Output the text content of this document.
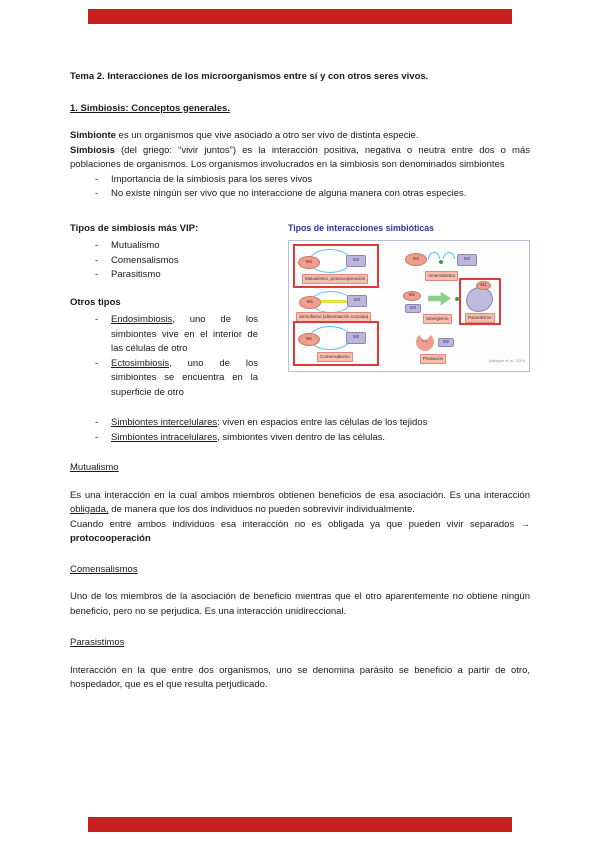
Tema 2. Interacciones de los microorganismos entre sí y con otros seres vivos.

1. Simbiosis: Conceptos generales.

Simbionte es un organismos que vive asociado a otro ser vivo de distinta especie.

Simbiosis (del griego: “vivir juntos”) es la interacción positiva, negativa o neutra entre dos o más poblaciones de organismos. Los organismos involucrados en la simbiosis son denominados simbiontes

-	Importancia de la simbiosis para los seres vivos
-	No existe ningún ser vivo que no interaccione de alguna manera con otras especies.

Tipos de simbiosis más VIP:

-	Mutualismo
-	Comensalismos
-	Parasitismo

Otros tipos

-	Endosimbiosis, uno de los simbiontes vive en el interior de las células de otro
-	Ectosimbiosis, uno de los simbiontes se encuentra en la superficie de otro

Tipos de interacciones simbióticas

M1	M2
Mutualismo, protocooperación
M1	M2
Sintrofismo (alimentación cruzada)
M1	M2
Comensalismo
M1	M2
Amensalismo
M1
M2
Sinergismo
M1
Parasitismo
M1	M2
Predación	Madigan et al., 2019
-	Simbiontes intercelulares: viven en espacios entre las células de los tejidos
-	Simbiontes intracelulares, simbiontes viven dentro de las células.

Mutualismo

Es una interacción en la cual ambos miembros obtienen beneficios de esa asociación. Es una interacción obligada, de manera que los dos individuos no pueden sobrevivir individualmente.

Cuando entre ambos individuos esa interacción no es obligada ya que pueden vivir separados → protocooperación

Comensalismos

Uno de los miembros de la asociación de beneficio mientras que el otro aparentemente no obtiene ningún beneficio, pero no se perjudica. Es una interacción unidireccional.

Parasistimos

Interacción en la que entre dos organismos, uno se denomina parásito se beneficio a partir de otro, hospedador, que es el que resulta perjudicado.
